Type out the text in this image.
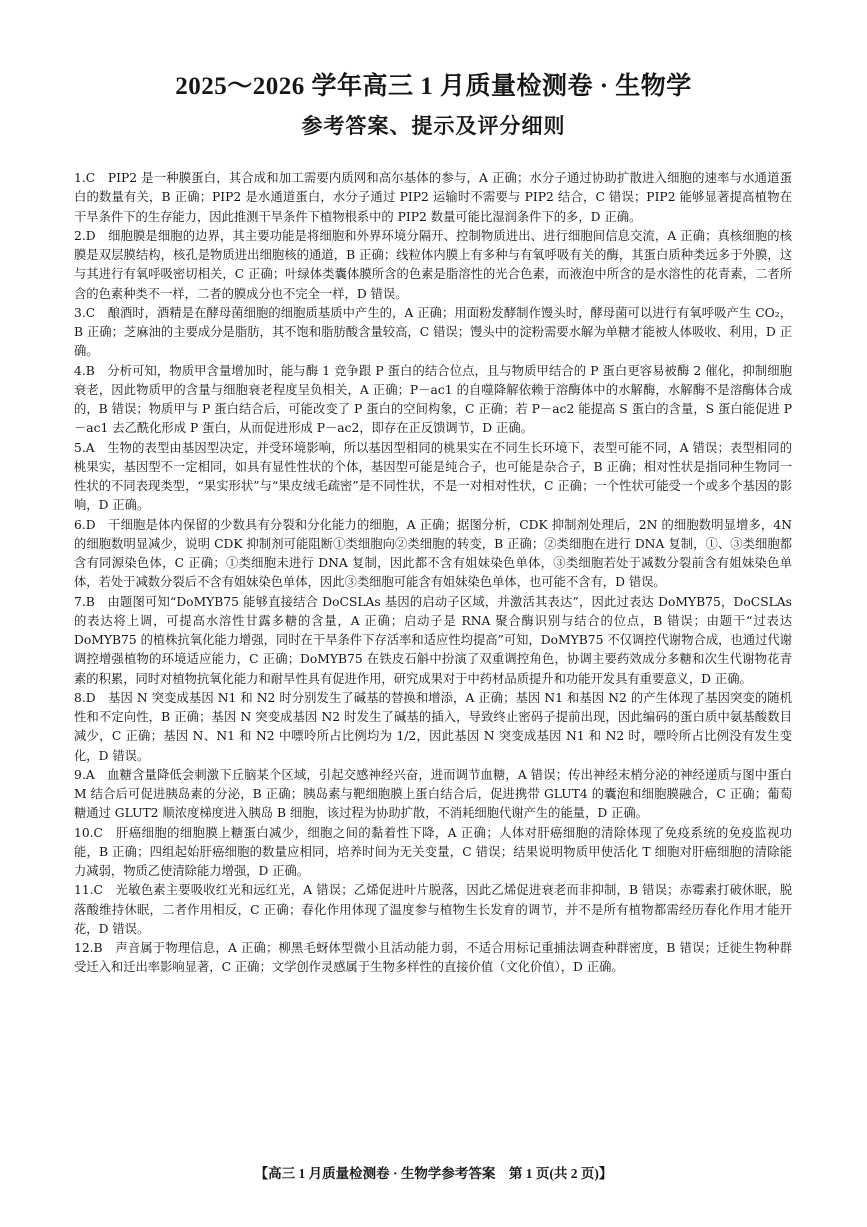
2025～2026 学年高三 1 月质量检测卷 · 生物学
参考答案、提示及评分细则

1.C　PIP2 是一种膜蛋白，其合成和加工需要内质网和高尔基体的参与，A 正确；水分子通过协助扩散进入细胞的速率与水通道蛋白的数量有关，B 正确；PIP2 是水通道蛋白，水分子通过 PIP2 运输时不需要与 PIP2 结合，C 错误；PIP2 能够显著提高植物在干旱条件下的生存能力，因此推测干旱条件下植物根系中的 PIP2 数量可能比湿润条件下的多，D 正确。

2.D　细胞膜是细胞的边界，其主要功能是将细胞和外界环境分隔开、控制物质进出、进行细胞间信息交流，A 正确；真核细胞的核膜是双层膜结构，核孔是物质进出细胞核的通道，B 正确；线粒体内膜上有多种与有氧呼吸有关的酶，其蛋白质种类远多于外膜，这与其进行有氧呼吸密切相关，C 正确；叶绿体类囊体膜所含的色素是脂溶性的光合色素，而液泡中所含的是水溶性的花青素，二者所含的色素种类不一样，二者的膜成分也不完全一样，D 错误。

3.C　酿酒时，酒精是在酵母菌细胞的细胞质基质中产生的，A 正确；用面粉发酵制作馒头时，酵母菌可以进行有氧呼吸产生 CO₂，B 正确；芝麻油的主要成分是脂肪，其不饱和脂肪酸含量较高，C 错误；馒头中的淀粉需要水解为单糖才能被人体吸收、利用，D 正确。

4.B　分析可知，物质甲含量增加时，能与酶 1 竞争跟 P 蛋白的结合位点，且与物质甲结合的 P 蛋白更容易被酶 2 催化，抑制细胞衰老，因此物质甲的含量与细胞衰老程度呈负相关，A 正确；P－ac1 的自噬降解依赖于溶酶体中的水解酶，水解酶不是溶酶体合成的，B 错误；物质甲与 P 蛋白结合后，可能改变了 P 蛋白的空间构象，C 正确；若 P－ac2 能提高 S 蛋白的含量，S 蛋白能促进 P－ac1 去乙酰化形成 P 蛋白，从而促进形成 P－ac2，即存在正反馈调节，D 正确。

5.A　生物的表型由基因型决定，并受环境影响，所以基因型相同的桃果实在不同生长环境下，表型可能不同，A 错误；表型相同的桃果实，基因型不一定相同，如具有显性性状的个体，基因型可能是纯合子，也可能是杂合子，B 正确；相对性状是指同种生物同一性状的不同表现类型，“果实形状”与“果皮绒毛疏密”是不同性状，不是一对相对性状，C 正确；一个性状可能受一个或多个基因的影响，D 正确。

6.D　干细胞是体内保留的少数具有分裂和分化能力的细胞，A 正确；据图分析，CDK 抑制剂处理后，2N 的细胞数明显增多，4N 的细胞数明显减少，说明 CDK 抑制剂可能阻断①类细胞向②类细胞的转变，B 正确；②类细胞在进行 DNA 复制，①、③类细胞都含有同源染色体，C 正确；①类细胞未进行 DNA 复制，因此都不含有姐妹染色单体，③类细胞若处于减数分裂前含有姐妹染色单体，若处于减数分裂后不含有姐妹染色单体，因此③类细胞可能含有姐妹染色单体，也可能不含有，D 错误。

7.B　由题图可知“DoMYB75 能够直接结合 DoCSLAs 基因的启动子区域，并激活其表达”，因此过表达 DoMYB75，DoCSLAs 的表达将上调，可提高水溶性甘露多糖的含量，A 正确；启动子是 RNA 聚合酶识别与结合的位点，B 错误；由题干“过表达 DoMYB75 的植株抗氧化能力增强，同时在干旱条件下存活率和适应性均提高”可知，DoMYB75 不仅调控代谢物合成，也通过代谢调控增强植物的环境适应能力，C 正确；DoMYB75 在铁皮石斛中扮演了双重调控角色，协调主要药效成分多糖和次生代谢物花青素的积累，同时对植物抗氧化能力和耐旱性具有促进作用，研究成果对于中药材品质提升和功能开发具有重要意义，D 正确。

8.D　基因 N 突变成基因 N1 和 N2 时分别发生了碱基的替换和增添，A 正确；基因 N1 和基因 N2 的产生体现了基因突变的随机性和不定向性，B 正确；基因 N 突变成基因 N2 时发生了碱基的插入，导致终止密码子提前出现，因此编码的蛋白质中氨基酸数目减少，C 正确；基因 N、N1 和 N2 中嘌呤所占比例均为 1/2，因此基因 N 突变成基因 N1 和 N2 时，嘌呤所占比例没有发生变化，D 错误。

9.A　血糖含量降低会刺激下丘脑某个区域，引起交感神经兴奋，进而调节血糖，A 错误；传出神经末梢分泌的神经递质与图中蛋白 M 结合后可促进胰岛素的分泌，B 正确；胰岛素与靶细胞膜上蛋白结合后，促进携带 GLUT4 的囊泡和细胞膜融合，C 正确；葡萄糖通过 GLUT2 顺浓度梯度进入胰岛 B 细胞，该过程为协助扩散，不消耗细胞代谢产生的能量，D 正确。

10.C　肝癌细胞的细胞膜上糖蛋白减少，细胞之间的黏着性下降，A 正确；人体对肝癌细胞的清除体现了免疫系统的免疫监视功能，B 正确；四组起始肝癌细胞的数量应相同，培养时间为无关变量，C 错误；结果说明物质甲使活化 T 细胞对肝癌细胞的清除能力减弱，物质乙使清除能力增强，D 正确。

11.C　光敏色素主要吸收红光和远红光，A 错误；乙烯促进叶片脱落，因此乙烯促进衰老而非抑制，B 错误；赤霉素打破休眠，脱落酸维持休眠，二者作用相反，C 正确；春化作用体现了温度参与植物生长发育的调节，并不是所有植物都需经历春化作用才能开花，D 错误。

12.B　声音属于物理信息，A 正确；柳黑毛蚜体型微小且活动能力弱，不适合用标记重捕法调查种群密度，B 错误；迁徙生物种群受迁入和迁出率影响显著，C 正确；文学创作灵感属于生物多样性的直接价值（文化价值），D 正确。

【高三 1 月质量检测卷 · 生物学参考答案　第 1 页(共 2 页)】
